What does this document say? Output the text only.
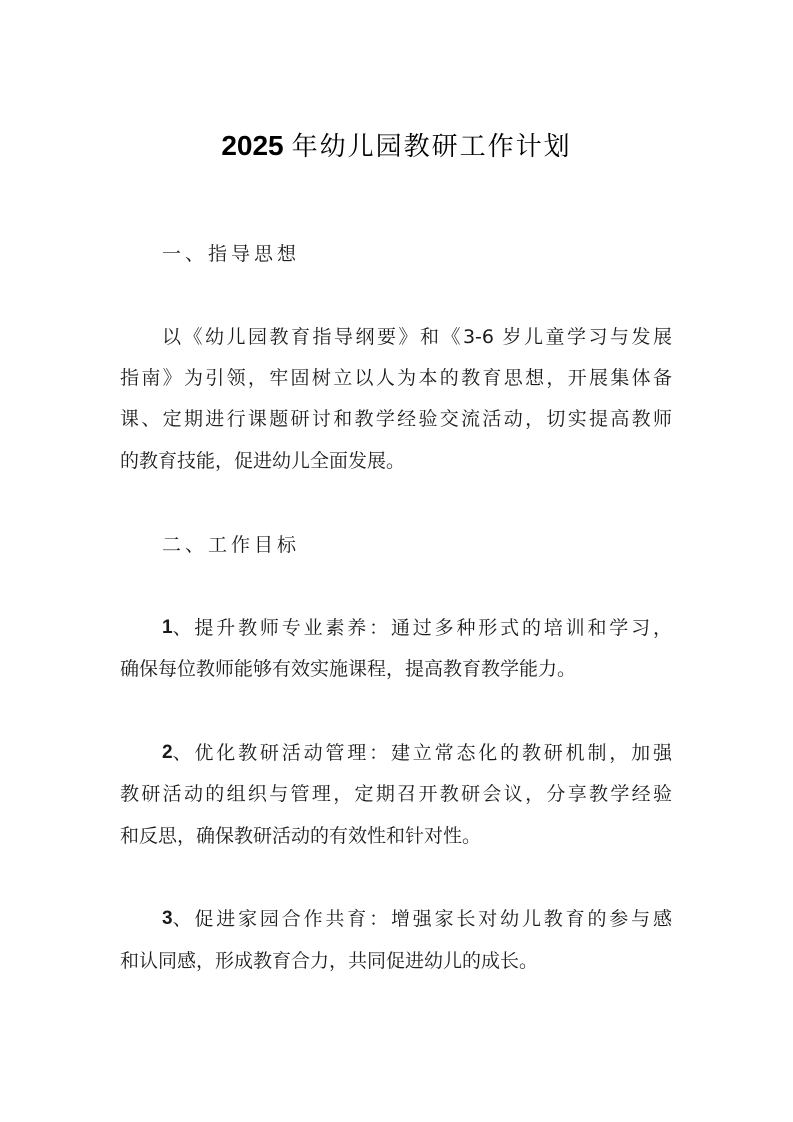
2025 年幼儿园教研工作计划
一、指导思想
以《幼儿园教育指导纲要》和《3-6 岁儿童学习与发展
指南》为引领，牢固树立以人为本的教育思想，开展集体备
课、定期进行课题研讨和教学经验交流活动，切实提高教师
的教育技能，促进幼儿全面发展。
二、工作目标
1 、提升教师专业素养：通过多种形式的培训和学习，
确保每位教师能够有效实施课程，提高教育教学能力。
2 、优化教研活动管理：建立常态化的教研机制，加强
教研活动的组织与管理，定期召开教研会议，分享教学经验
和反思，确保教研活动的有效性和针对性。
3 、促进家园合作共育：增强家长对幼儿教育的参与感
和认同感，形成教育合力，共同促进幼儿的成长。
